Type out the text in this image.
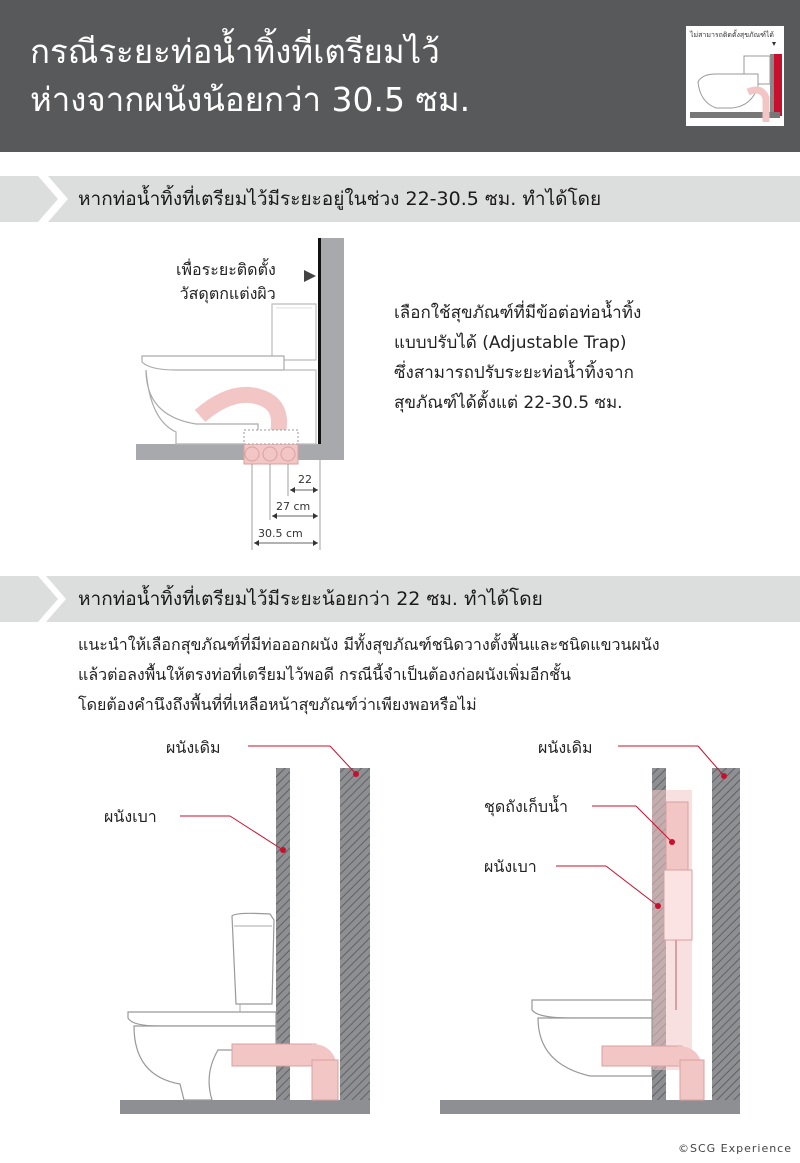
กรณีระยะท่อน้ำทิ้งที่เตรียมไว้
ห่างจากผนังน้อยกว่า 30.5 ซม.
ไม่สามารถติดตั้งสุขภัณฑ์ได้
หากท่อน้ำทิ้งที่เตรียมไว้มีระยะอยู่ในช่วง 22-30.5 ซม. ทำได้โดย
เพื่อระยะติดตั้ง
วัสดุตกแต่งผิว
22
27 cm
30.5 cm
เลือกใช้สุขภัณฑ์ที่มีข้อต่อท่อน้ำทิ้ง
แบบปรับได้ (Adjustable Trap)
ซึ่งสามารถปรับระยะท่อน้ำทิ้งจาก
สุขภัณฑ์ได้ตั้งแต่ 22-30.5 ซม.
หากท่อน้ำทิ้งที่เตรียมไว้มีระยะน้อยกว่า 22 ซม. ทำได้โดย
แนะนำให้เลือกสุขภัณฑ์ที่มีท่อออกผนัง มีทั้งสุขภัณฑ์ชนิดวางตั้งพื้นและชนิดแขวนผนัง
แล้วต่อลงพื้นให้ตรงท่อที่เตรียมไว้พอดี กรณีนี้จำเป็นต้องก่อผนังเพิ่มอีกชั้น
โดยต้องคำนึงถึงพื้นที่ที่เหลือหน้าสุขภัณฑ์ว่าเพียงพอหรือไม่
ผนังเดิม
ผนังเบา
ผนังเดิม
ชุดถังเก็บน้ำ
ผนังเบา
©SCG Experience
